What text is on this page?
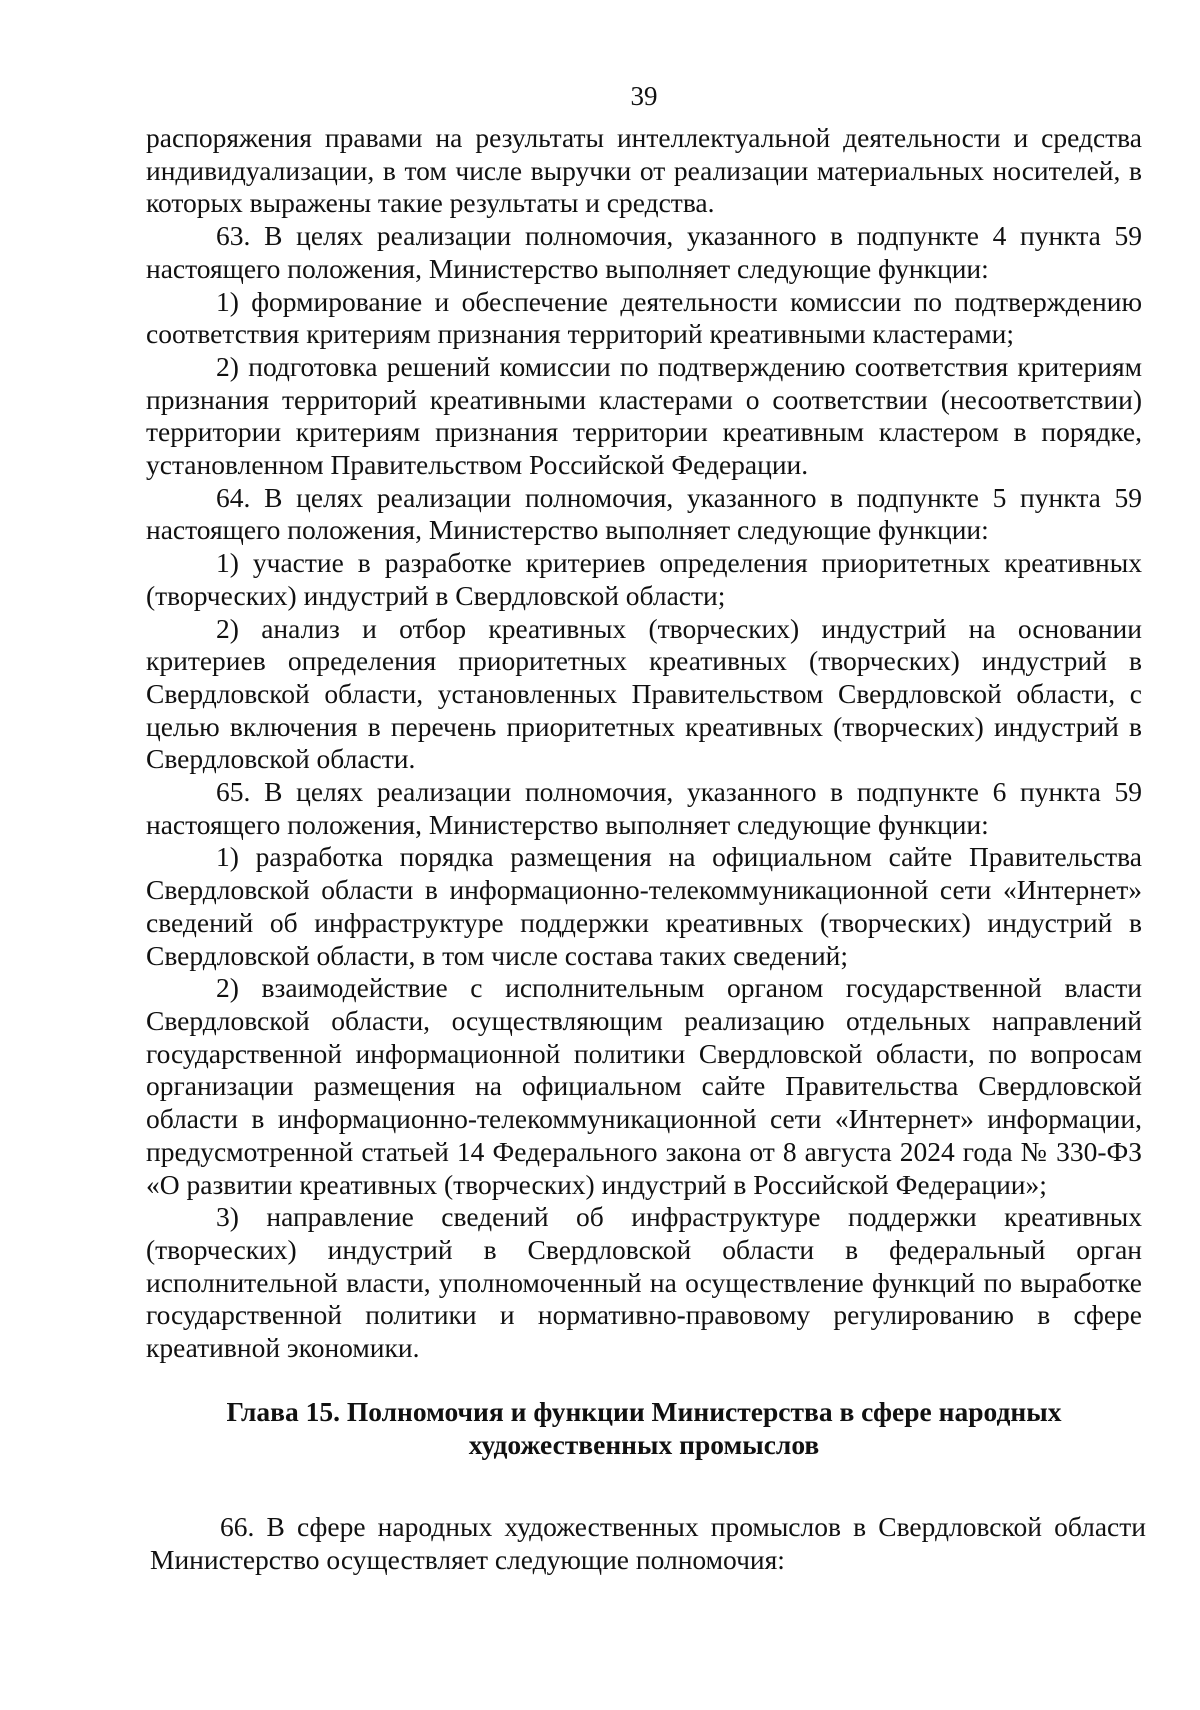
39

распоряжения правами на результаты интеллектуальной деятельности и средства индивидуализации, в том числе выручки от реализации материальных носителей, в которых выражены такие результаты и средства.

63. В целях реализации полномочия, указанного в подпункте 4 пункта 59 настоящего положения, Министерство выполняет следующие функции:

1) формирование и обеспечение деятельности комиссии по подтверждению соответствия критериям признания территорий креативными кластерами;

2) подготовка решений комиссии по подтверждению соответствия критериям признания территорий креативными кластерами о соответствии (несоответствии) территории критериям признания территории креативным кластером в порядке, установленном Правительством Российской Федерации.

64. В целях реализации полномочия, указанного в подпункте 5 пункта 59 настоящего положения, Министерство выполняет следующие функции:

1) участие в разработке критериев определения приоритетных креативных (творческих) индустрий в Свердловской области;

2) анализ и отбор креативных (творческих) индустрий на основании критериев определения приоритетных креативных (творческих) индустрий в Свердловской области, установленных Правительством Свердловской области, с целью включения в перечень приоритетных креативных (творческих) индустрий в Свердловской области.

65. В целях реализации полномочия, указанного в подпункте 6 пункта 59 настоящего положения, Министерство выполняет следующие функции:

1) разработка порядка размещения на официальном сайте Правительства Свердловской области в информационно-телекоммуникационной сети «Интернет» сведений об инфраструктуре поддержки креативных (творческих) индустрий в Свердловской области, в том числе состава таких сведений;

2) взаимодействие с исполнительным органом государственной власти Свердловской области, осуществляющим реализацию отдельных направлений государственной информационной политики Свердловской области, по вопросам организации размещения на официальном сайте Правительства Свердловской области в информационно-телекоммуникационной сети «Интернет» информации, предусмотренной статьей 14 Федерального закона от 8 августа 2024 года № 330-ФЗ «О развитии креативных (творческих) индустрий в Российской Федерации»;

3) направление сведений об инфраструктуре поддержки креативных (творческих) индустрий в Свердловской области в федеральный орган исполнительной власти, уполномоченный на осуществление функций по выработке государственной политики и нормативно-правовому регулированию в сфере креативной экономики.

Глава 15. Полномочия и функции Министерства в сфере народных
художественных промыслов

66. В сфере народных художественных промыслов в Свердловской области Министерство осуществляет следующие полномочия:
